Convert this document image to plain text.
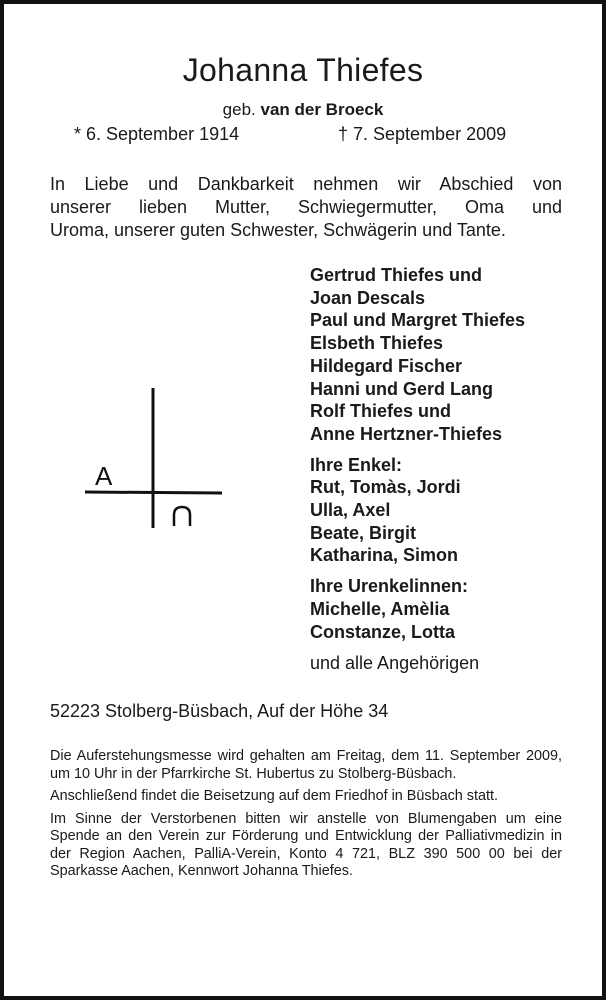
Johanna Thiefes
geb. van der Broeck
* 6. September 1914	† 7. September 2009
In Liebe und Dankbarkeit nehmen wir Abschied von
unserer lieben Mutter, Schwiegermutter, Oma und
Uroma, unserer guten Schwester, Schwägerin und Tante.
A
Gertrud Thiefes und
Joan Descals
Paul und Margret Thiefes
Elsbeth Thiefes
Hildegard Fischer
Hanni und Gerd Lang
Rolf Thiefes und
Anne Hertzner-Thiefes
Ihre Enkel:
Rut, Tomàs, Jordi
Ulla, Axel
Beate, Birgit
Katharina, Simon
Ihre Urenkelinnen:
Michelle, Amèlia
Constanze, Lotta
und alle Angehörigen
52223 Stolberg-Büsbach, Auf der Höhe 34

Die Auferstehungsmesse wird gehalten am Freitag, dem 11. September 2009, um 10 Uhr in der Pfarrkirche St. Hubertus zu Stolberg-Büsbach.

Anschließend findet die Beisetzung auf dem Friedhof in Büsbach statt.

Im Sinne der Verstorbenen bitten wir anstelle von Blumengaben um eine Spende an den Verein zur Förderung und Entwicklung der Palliativmedizin in der Region Aachen, PalliA-Verein, Konto 4 721, BLZ 390 500 00 bei der Sparkasse Aachen, Kennwort Johanna Thiefes.
